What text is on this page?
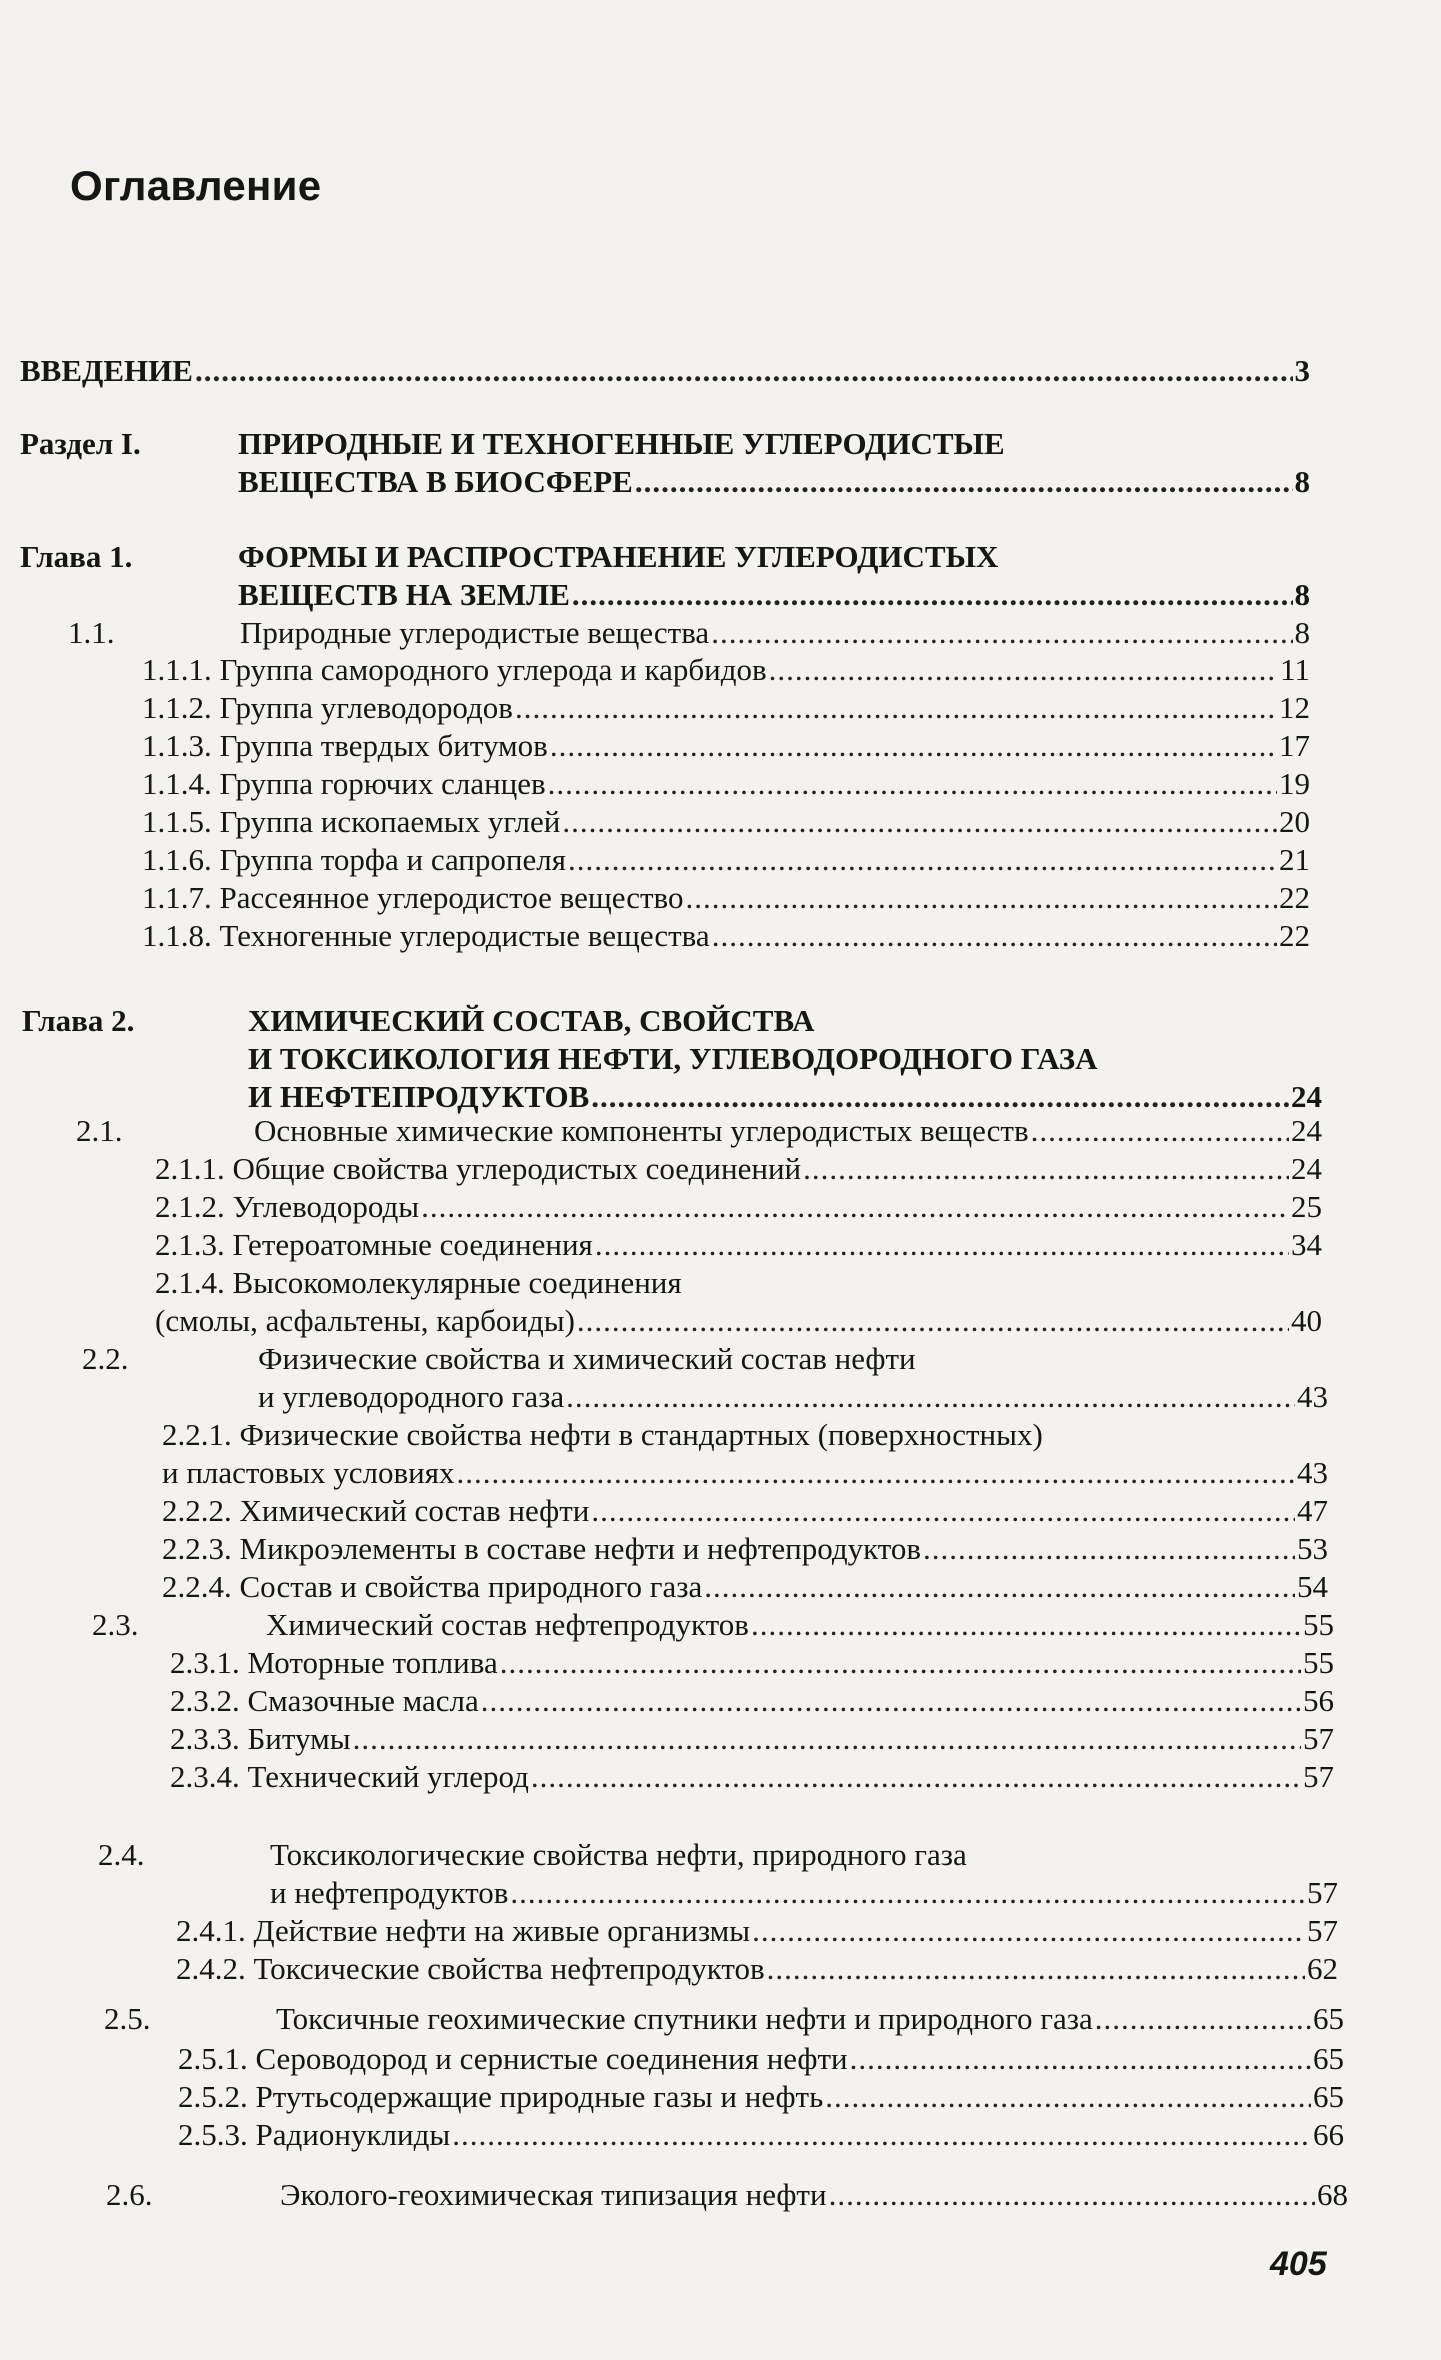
Оглавление
ВВЕДЕНИЕ .....	3
Раздел I.	ПРИРОДНЫЕ И ТЕХНОГЕННЫЕ УГЛЕРОДИСТЫЕ
ВЕЩЕСТВА В БИОСФЕРЕ .....	8
Глава 1.	ФОРМЫ И РАСПРОСТРАНЕНИЕ УГЛЕРОДИСТЫХ
ВЕЩЕСТВ НА ЗЕМЛЕ .....	8
1.1.	Природные углеродистые вещества .....	8
1.1.1. Группа самородного углерода и карбидов .....	11
1.1.2. Группа углеводородов .....	12
1.1.3. Группа твердых битумов .....	17
1.1.4. Группа горючих сланцев .....	19
1.1.5. Группа ископаемых углей .....	20
1.1.6. Группа торфа и сапропеля .....	21
1.1.7. Рассеянное углеродистое вещество .....	22
1.1.8. Техногенные углеродистые вещества .....	22
Глава 2.	ХИМИЧЕСКИЙ СОСТАВ, СВОЙСТВА
И ТОКСИКОЛОГИЯ НЕФТИ, УГЛЕВОДОРОДНОГО ГАЗА
И НЕФТЕПРОДУКТОВ .....	24
2.1.	Основные химические компоненты углеродистых веществ .....	24
2.1.1. Общие свойства углеродистых соединений .....	24
2.1.2. Углеводороды .....	25
2.1.3. Гетероатомные соединения .....	34
2.1.4. Высокомолекулярные соединения
(смолы, асфальтены, карбоиды) .....	40
2.2.	Физические свойства и химический состав нефти
и углеводородного газа .....	43
2.2.1. Физические свойства нефти в стандартных (поверхностных)
и пластовых условиях .....	43
2.2.2. Химический состав нефти .....	47
2.2.3. Микроэлементы в составе нефти и нефтепродуктов .....	53
2.2.4. Состав и свойства природного газа .....	54
2.3.	Химический состав нефтепродуктов .....	55
2.3.1. Моторные топлива .....	55
2.3.2. Смазочные масла .....	56
2.3.3. Битумы .....	57
2.3.4. Технический углерод .....	57
2.4.	Токсикологические свойства нефти, природного газа
и нефтепродуктов .....	57
2.4.1. Действие нефти на живые организмы .....	57
2.4.2. Токсические свойства нефтепродуктов .....	62
2.5.	Токсичные геохимические спутники нефти и природного газа .....	65
2.5.1. Сероводород и сернистые соединения нефти .....	65
2.5.2. Ртутьсодержащие природные газы и нефть .....	65
2.5.3. Радионуклиды .....	66
2.6.	Эколого-геохимическая типизация нефти .....	68
405
